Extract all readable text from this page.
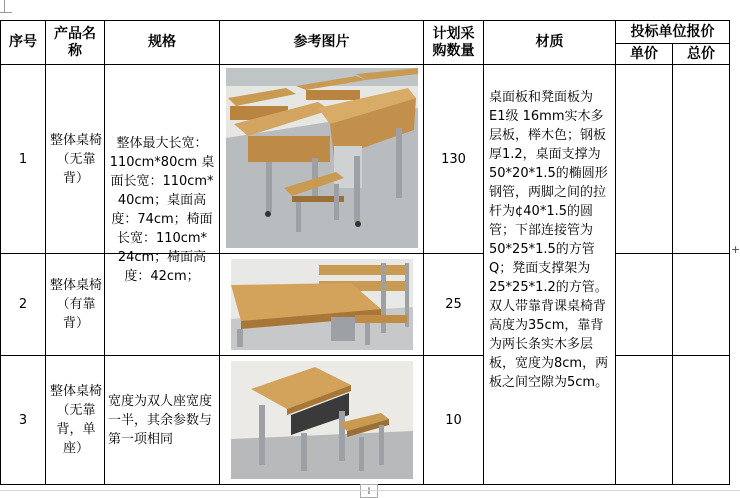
序号
产品名称
规格	参考图片
计划采购数量
材质
投标单位报价
单价	总价
1
整体桌椅（无靠背）
130
整体最大长宽：110cm*80cm 桌面长宽：110cm* 40cm；桌面高度：74cm；椅面长宽：110cm* 24cm；椅面高度：42cm；
2
整体桌椅（有靠背）
25
3
整体桌椅（无靠背，单座）
宽度为双人座宽度一半，其余参数与第一项相同
10
桌面板和凳面板为E1级 16mm实木多层板，榉木色；钢板厚1.2，桌面支撑为50*20*1.5的椭圆形钢管，两脚之间的拉杆为¢40*1.5的圆管；下部连接管为50*25*1.5的方管Q；凳面支撑架为25*25*1.2的方管。双人带靠背课桌椅背高度为35cm，靠背为两长条实木多层板，宽度为8cm，两板之间空隙为5cm。
+
